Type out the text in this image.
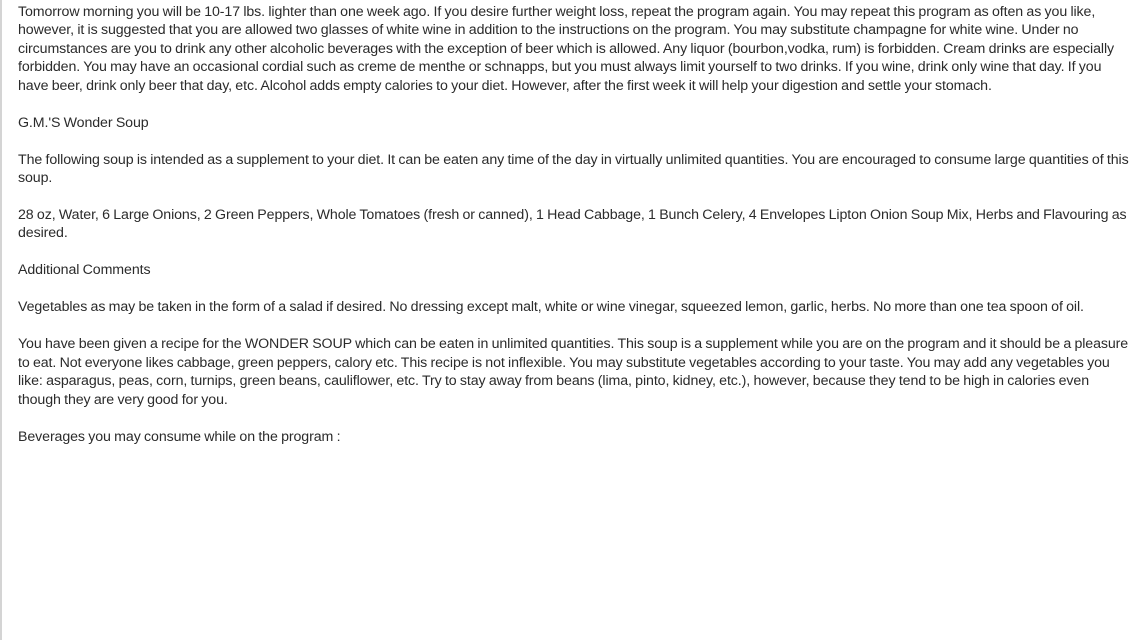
Tomorrow morning you will be 10-17 lbs. lighter than one week ago. If you desire further weight loss, repeat the program again. You may repeat this program as often as you like, however, it is suggested that you are allowed two glasses of white wine in addition to the instructions on the program. You may substitute champagne for white wine. Under no circumstances are you to drink any other alcoholic beverages with the exception of beer which is allowed. Any liquor (bourbon,vodka, rum) is forbidden. Cream drinks are especially forbidden. You may have an occasional cordial such as creme de menthe or schnapps, but you must always limit yourself to two drinks. If you wine, drink only wine that day. If you have beer, drink only beer that day, etc. Alcohol adds empty calories to your diet. However, after the first week it will help your digestion and settle your stomach.

G.M.'S Wonder Soup

The following soup is intended as a supplement to your diet. It can be eaten any time of the day in virtually unlimited quantities. You are encouraged to consume large quantities of this soup.

28 oz, Water, 6 Large Onions, 2 Green Peppers, Whole Tomatoes (fresh or canned), 1 Head Cabbage, 1 Bunch Celery, 4 Envelopes Lipton Onion Soup Mix, Herbs and Flavouring as desired.

Additional Comments

Vegetables as may be taken in the form of a salad if desired. No dressing except malt, white or wine vinegar, squeezed lemon, garlic, herbs. No more than one tea spoon of oil.

You have been given a recipe for the WONDER SOUP which can be eaten in unlimited quantities. This soup is a supplement while you are on the program and it should be a pleasure to eat. Not everyone likes cabbage, green peppers, calory etc. This recipe is not inflexible. You may substitute vegetables according to your taste. You may add any vegetables you like: asparagus, peas, corn, turnips, green beans, cauliflower, etc. Try to stay away from beans (lima, pinto, kidney, etc.), however, because they tend to be high in calories even though they are very good for you.

Beverages you may consume while on the program :
